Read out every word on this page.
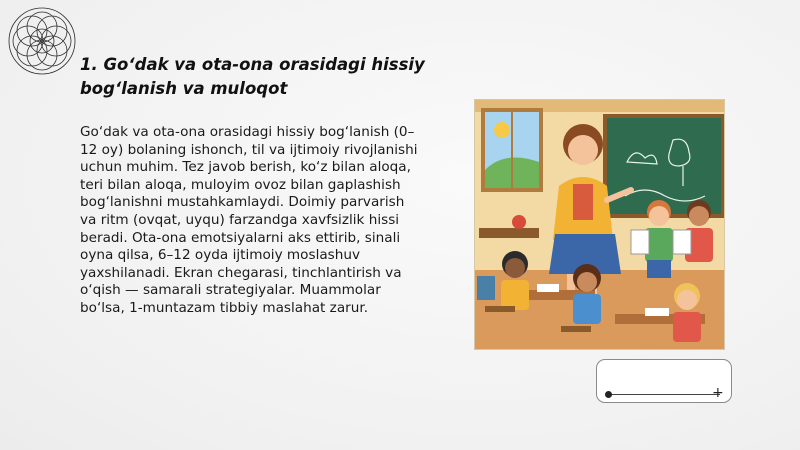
1. Go‘dak va ota-ona orasidagi hissiy bog‘lanish va muloqot
Go‘dak va ota-ona orasidagi hissiy bog‘lanish (0–12 oy) bolaning ishonch, til va ijtimoiy rivojlanishi uchun muhim. Tez javob berish, ko‘z bilan aloqa, teri bilan aloqa, muloyim ovoz bilan gaplashish bog‘lanishni mustahkamlaydi. Doimiy parvarish va ritm (ovqat, uyqu) farzandga xavfsizlik hissi beradi. Ota-ona emotsiyalarni aks ettirib, sinali oyna qilsa, 6–12 oyda ijtimoiy moslashuv yaxshilanadi. Ekran chegarasi, tinchlantirish va o‘qish — samarali strategiyalar. Muammolar bo‘lsa, 1-muntazam tibbiy maslahat zarur.
+
